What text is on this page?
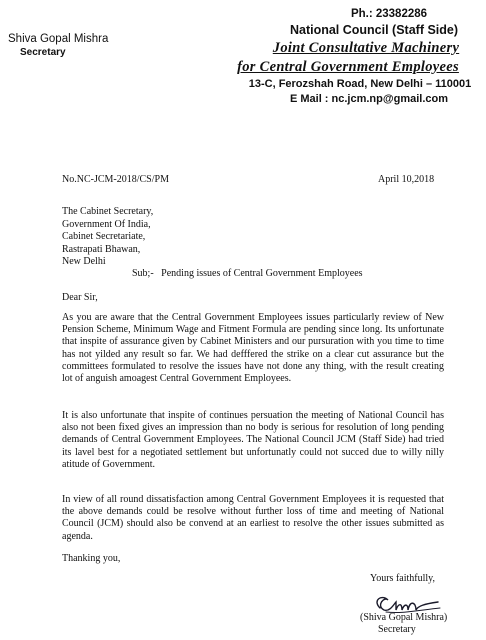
Shiva Gopal Mishra
Secretary
Ph.: 23382286
National Council (Staff Side)
Joint Consultative Machinery
for Central Government Employees
13-C, Ferozshah Road, New Delhi – 110001
E Mail : nc.jcm.np@gmail.com
No.NC-JCM-2018/CS/PM	April 10,2018
The Cabinet Secretary,
Government Of India,
Cabinet Secretariate,
Rastrapati Bhawan,
New Delhi
Sub;-   Pending issues of Central Government Employees
Dear Sir,
As you are aware that the Central Government Employees issues particularly review of New Pension Scheme, Minimum Wage and Fitment Formula are pending since long. Its unfortunate that inspite of assurance given by Cabinet Ministers and our pursuration with you time to time has not yilded any result so far. We had defffered the strike on a clear cut assurance but the committees formulated to resolve the issues have not done any thing, with the result creating lot of anguish amoagest Central Government Employees.
It is also unfortunate that inspite of continues persuation the meeting of National Council has also not been fixed gives an impression than no body is serious for resolution of long pending demands of Central Government Employees. The National Council JCM (Staff Side) had tried its lavel best for a negotiated settlement but unfortunatly could not succed due to willy nilly atitude of Government.
In view of all round dissatisfaction among Central Government Employees it is requested that the above demands could be resolve without further loss of time and meeting of National Council (JCM) should also be convend at an earliest to resolve the other issues submitted as agenda.
Thanking you,
Yours faithfully,
(Shiva Gopal Mishra)
Secretary
